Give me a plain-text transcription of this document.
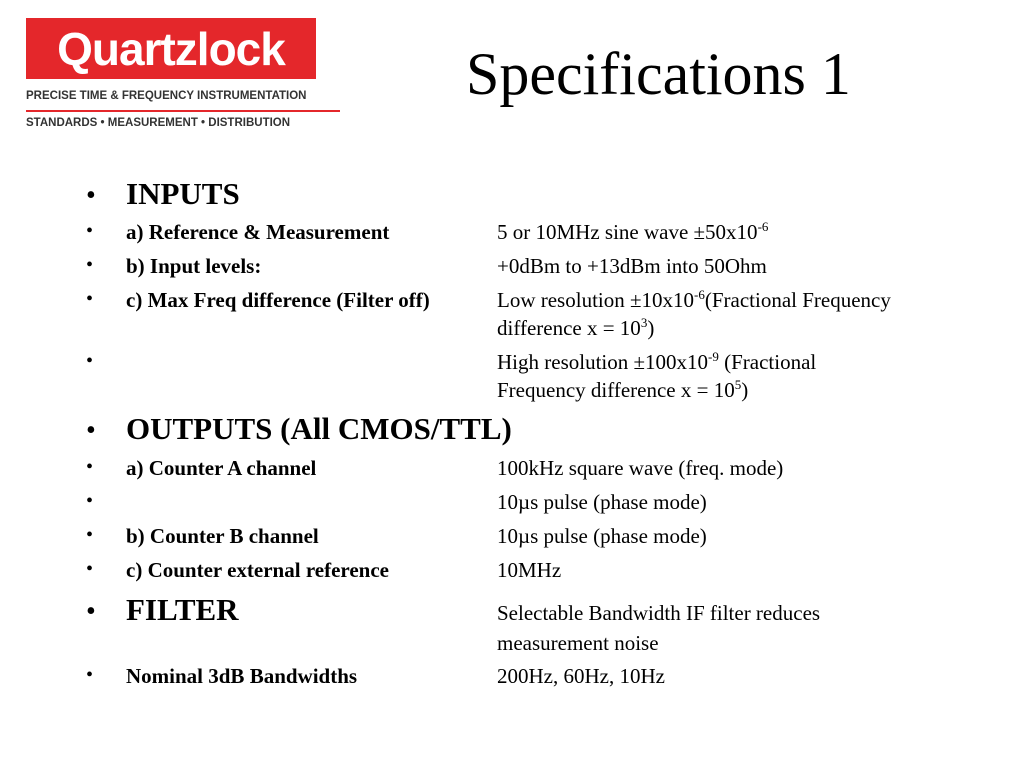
Quartzlock
PRECISE TIME & FREQUENCY INSTRUMENTATION
STANDARDS • MEASUREMENT • DISTRIBUTION
Specifications 1
• INPUTS
• a) Reference & Measurement	5 or 10MHz sine wave $\pm 50x10^{-6}$
• b) Input levels:	+0dBm to +13dBm into 50Ohm
• c) Max Freq difference (Filter off)	Low resolution $\pm 10x10^{-6}(Fractional$ Frequency difference $x = 10^3$)
•	High resolution $\pm 100x10^{-9}$ (Fractional Frequency difference $x = 10^5$)
• OUTPUTS (All CMOS/TTL)
• a) Counter A channel	100kHz square wave (freq. mode)
•	10µs pulse (phase mode)
• b) Counter B channel	10µs pulse (phase mode)
• c) Counter external reference	10MHz
• FILTER	Selectable Bandwidth IF filter reduces measurement noise
• Nominal 3dB Bandwidths	200Hz, 60Hz, 10Hz
